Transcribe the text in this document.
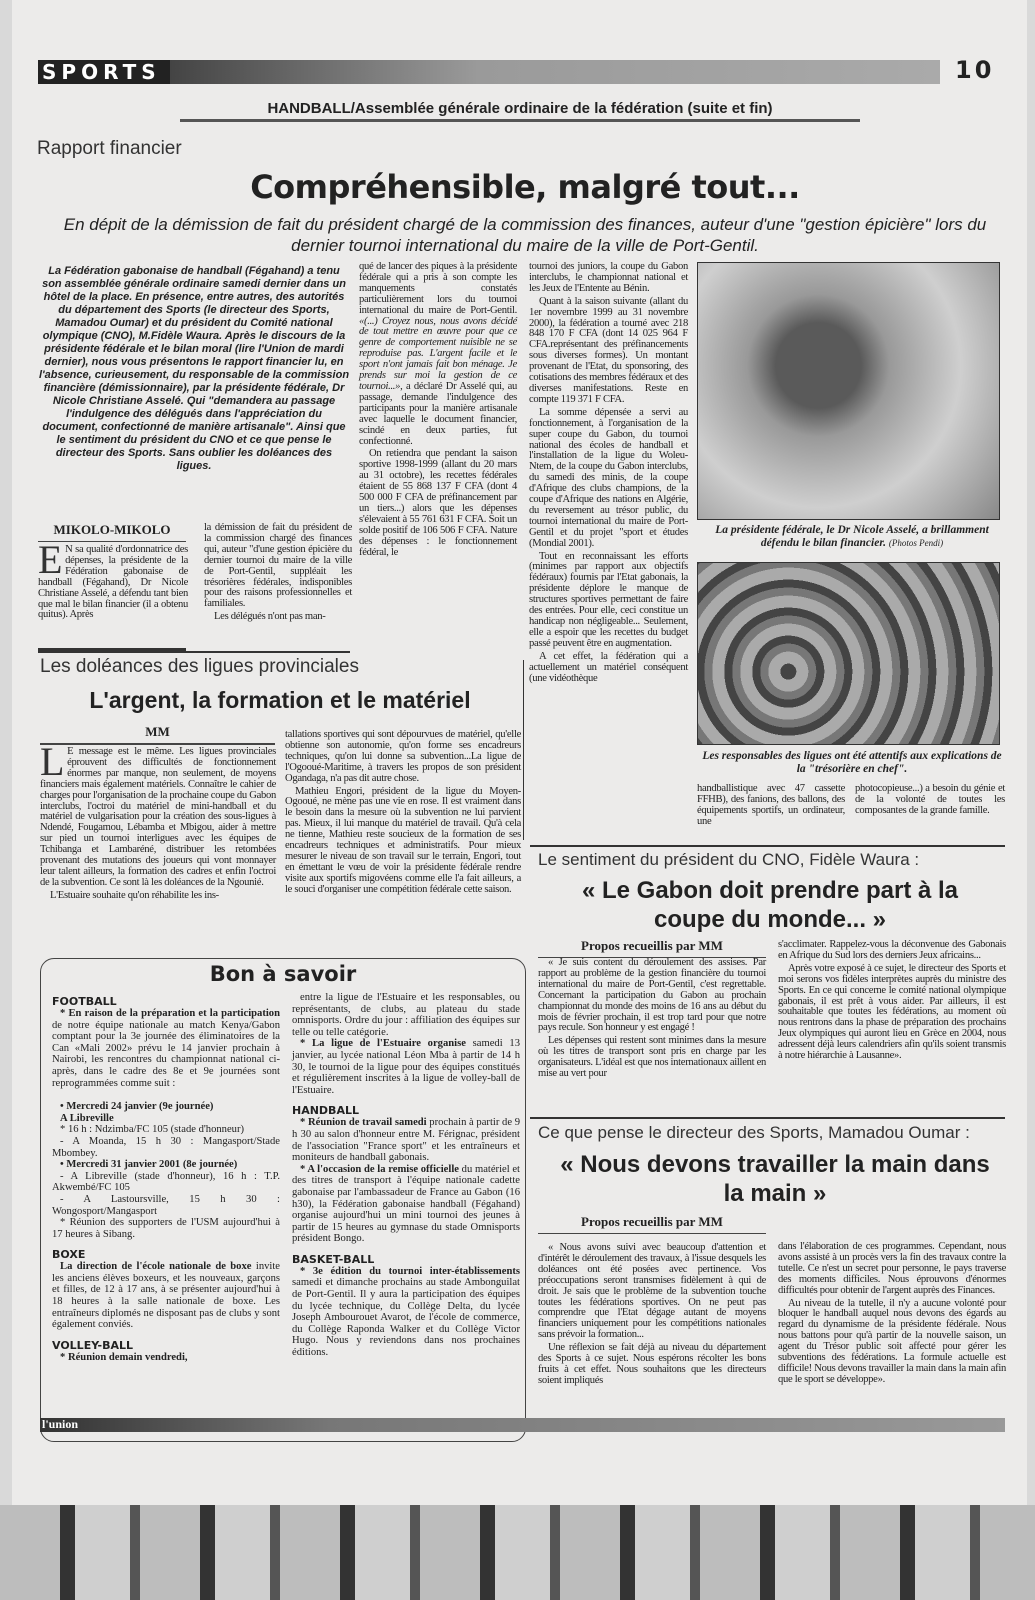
SPORTS	10
HANDBALL/Assemblée générale ordinaire de la fédération (suite et fin)
Rapport financier
Compréhensible, malgré tout...
En dépit de la démission de fait du président chargé de la commission des finances, auteur d'une "gestion épicière" lors du dernier tournoi international du maire de la ville de Port-Gentil.
La Fédération gabonaise de handball (Fégahand) a tenu son assemblée générale ordinaire samedi dernier dans un hôtel de la place. En présence, entre autres, des autorités du département des Sports (le directeur des Sports, Mamadou Oumar) et du président du Comité national olympique (CNO), M.Fidèle Waura. Après le discours de la présidente fédérale et le bilan moral (lire l'Union de mardi dernier), nous vous présentons le rapport financier lu, en l'absence, curieusement, du responsable de la commission financière (démissionnaire), par la présidente fédérale, Dr Nicole Christiane Asselé. Qui "demandera au passage l'indulgence des délégués dans l'appréciation du document, confectionné de manière artisanale". Ainsi que le sentiment du président du CNO et ce que pense le directeur des Sports. Sans oublier les doléances des ligues.
MIKOLO-MIKOLO
E N sa qualité d'ordonnatrice des dépenses, la présidente de la Fédération gabonaise de handball (Fégahand), Dr Nicole Christiane Asselé, a défendu tant bien que mal le bilan financier (il a obtenu quitus). Après

la démission de fait du président de la commission chargé des finances qui, auteur "d'une gestion épicière du dernier tournoi du maire de la ville de Port-Gentil, suppléait les trésorières fédérales, indisponibles pour des raisons professionnelles et familiales.

Les délégués n'ont pas man-

qué de lancer des piques à la présidente fédérale qui a pris à son compte les manquements constatés particulièrement lors du tournoi international du maire de Port-Gentil. «(...) Croyez nous, nous avons décidé de tout mettre en œuvre pour que ce genre de comportement nuisible ne se reproduise pas. L'argent facile et le sport n'ont jamais fait bon ménage. Je prends sur moi la gestion de ce tournoi...», a déclaré Dr Asselé qui, au passage, demande l'indulgence des participants pour la manière artisanale avec laquelle le document financier, scindé en deux parties, fut confectionné.

On retiendra que pendant la saison sportive 1998-1999 (allant du 20 mars au 31 octobre), les recettes fédérales étaient de 55 868 137 F CFA (dont 4 500 000 F CFA de préfinancement par un tiers...) alors que les dépenses s'élevaient à 55 761 631 F CFA. Soit un solde positif de 106 506 F CFA. Nature des dépenses : le fonctionnement fédéral, le

tournoi des juniors, la coupe du Gabon interclubs, le championnat national et les Jeux de l'Entente au Bénin.

Quant à la saison suivante (allant du 1er novembre 1999 au 31 novembre 2000), la fédération a tourné avec 218 848 170 F CFA (dont 14 025 964 F CFA.représentant des préfinancements sous diverses formes). Un montant provenant de l'Etat, du sponsoring, des cotisations des membres fédéraux et des diverses manifestations. Reste en compte 119 371 F CFA.

La somme dépensée a servi au fonctionnement, à l'organisation de la super coupe du Gabon, du tournoi national des écoles de handball et l'installation de la ligue du Woleu-Ntem, de la coupe du Gabon interclubs, du samedi des minis, de la coupe d'Afrique des clubs champions, de la coupe d'Afrique des nations en Algérie, du reversement au trésor public, du tournoi international du maire de Port-Gentil et du projet "sport et études (Mondial 2001).

Tout en reconnaissant les efforts (minimes par rapport aux objectifs fédéraux) fournis par l'Etat gabonais, la présidente déplore le manque de structures sportives permettant de faire des entrées. Pour elle, ceci constitue un handicap non négligeable... Seulement, elle a espoir que les recettes du budget passé peuvent être en augmentation.

A cet effet, la fédération qui a actuellement un matériel conséquent (une vidéothèque

La présidente fédérale, le Dr Nicole Asselé, a brillamment défendu le bilan financier. (Photos Pendi)
Les responsables des ligues ont été attentifs aux explications de la "trésorière en chef".
handballistique avec 47 cassette FFHB), des fanions, des ballons, des équipements sportifs, un ordinateur, une
photocopieuse...) a besoin du génie et de la volonté de toutes les composantes de la grande famille.
Les doléances des ligues provinciales
L'argent, la formation et le matériel
MM

L E message est le même. Les ligues provinciales éprouvent des difficultés de fonctionnement énormes par manque, non seulement, de moyens financiers mais également matériels. Connaître le cahier de charges pour l'organisation de la prochaine coupe du Gabon interclubs, l'octroi du matériel de mini-handball et du matériel de vulgarisation pour la création des sous-ligues à Ndendé, Fougamou, Lébamba et Mbigou, aider à mettre sur pied un tournoi interligues avec les équipes de Tchibanga et Lambaréné, distribuer les retombées provenant des mutations des joueurs qui vont monnayer leur talent ailleurs, la formation des cadres et enfin l'octroi de la subvention. Ce sont là les doléances de la Ngounié.

L'Estuaire souhaite qu'on réhabilite les ins-

tallations sportives qui sont dépourvues de matériel, qu'elle obtienne son autonomie, qu'on forme ses encadreurs techniques, qu'on lui donne sa subvention...La ligue de l'Ogooué-Maritime, à travers les propos de son président Ogandaga, n'a pas dit autre chose.

Mathieu Engori, président de la ligue du Moyen-Ogooué, ne mène pas une vie en rose. Il est vraiment dans le besoin dans la mesure où la subvention ne lui parvient pas. Mieux, il lui manque du matériel de travail. Qu'à cela ne tienne, Mathieu reste soucieux de la formation de ses encadreurs techniques et administratifs. Pour mieux mesurer le niveau de son travail sur le terrain, Engori, tout en émettant le vœu de voir la présidente fédérale rendre visite aux sportifs migovéens comme elle l'a fait ailleurs, a le souci d'organiser une compétition fédérale cette saison.

Le sentiment du président du CNO, Fidèle Waura :
« Le Gabon doit prendre part à la coupe du monde... »
Propos recueillis par MM

« Je suis content du déroulement des assises. Par rapport au problème de la gestion financière du tournoi international du maire de Port-Gentil, c'est regrettable. Concernant la participation du Gabon au prochain championnat du monde des moins de 16 ans au début du mois de février prochain, il est trop tard pour que notre pays recule. Son honneur y est engagé !

Les dépenses qui restent sont minimes dans la mesure où les titres de transport sont pris en charge par les organisateurs. L'idéal est que nos internationaux aillent en mise au vert pour

s'acclimater. Rappelez-vous la déconvenue des Gabonais en Afrique du Sud lors des derniers Jeux africains...

Après votre exposé à ce sujet, le directeur des Sports et moi serons vos fidèles interprètes auprès du ministre des Sports. En ce qui concerne le comité national olympique gabonais, il est prêt à vous aider. Par ailleurs, il est souhaitable que toutes les fédérations, au moment où nous rentrons dans la phase de préparation des prochains Jeux olympiques qui auront lieu en Grèce en 2004, nous adressent déjà leurs calendriers afin qu'ils soient transmis à notre hiérarchie à Lausanne».

Ce que pense le directeur des Sports, Mamadou Oumar :
« Nous devons travailler la main dans la main »
Propos recueillis par MM

« Nous avons suivi avec beaucoup d'attention et d'intérêt le déroulement des travaux, à l'issue desquels les doléances ont été posées avec pertinence. Vos préoccupations seront transmises fidèlement à qui de droit. Je sais que le problème de la subvention touche toutes les fédérations sportives. On ne peut pas comprendre que l'Etat dégage autant de moyens financiers uniquement pour les compétitions nationales sans prévoir la formation...

Une réflexion se fait déjà au niveau du département des Sports à ce sujet. Nous espérons récolter les bons fruits à cet effet. Nous souhaitons que les directeurs soient impliqués

dans l'élaboration de ces programmes. Cependant, nous avons assisté à un procès vers la fin des travaux contre la tutelle. Ce n'est un secret pour personne, le pays traverse des moments difficiles. Nous éprouvons d'énormes difficultés pour obtenir de l'argent auprès des Finances.

Au niveau de la tutelle, il n'y a aucune volonté pour bloquer le handball auquel nous devons des égards au regard du dynamisme de la présidente fédérale. Nous nous battons pour qu'à partir de la nouvelle saison, un agent du Trésor public soit affecté pour gérer les subventions des fédérations. La formule actuelle est difficile! Nous devons travailler la main dans la main afin que le sport se développe».

Bon à savoir
FOOTBALL

* En raison de la préparation et la participation de notre équipe nationale au match Kenya/Gabon comptant pour la 3e journée des éliminatoires de la Can «Mali 2002» prévu le 14 janvier prochain à Nairobi, les rencontres du championnat national ci-après, dans le cadre des 8e et 9e journées sont reprogrammées comme suit :

• Mercredi 24 janvier (9e journée)

A Libreville

* 16 h : Ndzimba/FC 105 (stade d'honneur)

- A Moanda, 15 h 30 : Mangasport/Stade Mbombey.

• Mercredi 31 janvier 2001 (8e journée)

- A Libreville (stade d'honneur), 16 h : T.P. Akwembé/FC 105

- A Lastoursville, 15 h 30 : Wongosport/Mangasport

* Réunion des supporters de l'USM aujourd'hui à 17 heures à Sibang.

BOXE

La direction de l'école nationale de boxe invite les anciens élèves boxeurs, et les nouveaux, garçons et filles, de 12 à 17 ans, à se présenter aujourd'hui à 18 heures à la salle nationale de boxe. Les entraîneurs diplomés ne disposant pas de clubs y sont également conviés.

VOLLEY-BALL

* Réunion demain vendredi,

entre la ligue de l'Estuaire et les responsables, ou représentants, de clubs, au plateau du stade omnisports. Ordre du jour : affiliation des équipes sur telle ou telle catégorie.

* La ligue de l'Estuaire organise samedi 13 janvier, au lycée national Léon Mba à partir de 14 h 30, le tournoi de la ligue pour des équipes constitués et régulièrement inscrites à la ligue de volley-ball de l'Estuaire.

HANDBALL

* Réunion de travail samedi prochain à partir de 9 h 30 au salon d'honneur entre M. Férignac, président de l'association "France sport" et les entraîneurs et moniteurs de handball gabonais.

* A l'occasion de la remise officielle du matériel et des titres de transport à l'équipe nationale cadette gabonaise par l'ambassadeur de France au Gabon (16 h30), la Fédération gabonaise handball (Fégahand) organise aujourd'hui un mini tournoi des jeunes à partir de 15 heures au gymnase du stade Omnisports président Bongo.

BASKET-BALL

* 3e édition du tournoi inter-établissements samedi et dimanche prochains au stade Ambonguilat de Port-Gentil. Il y aura la participation des équipes du lycée technique, du Collège Delta, du lycée Joseph Ambourouet Avarot, de l'école de commerce, du Collège Raponda Walker et du Collège Victor Hugo. Nous y reviendons dans nos prochaines éditions.

l'union
